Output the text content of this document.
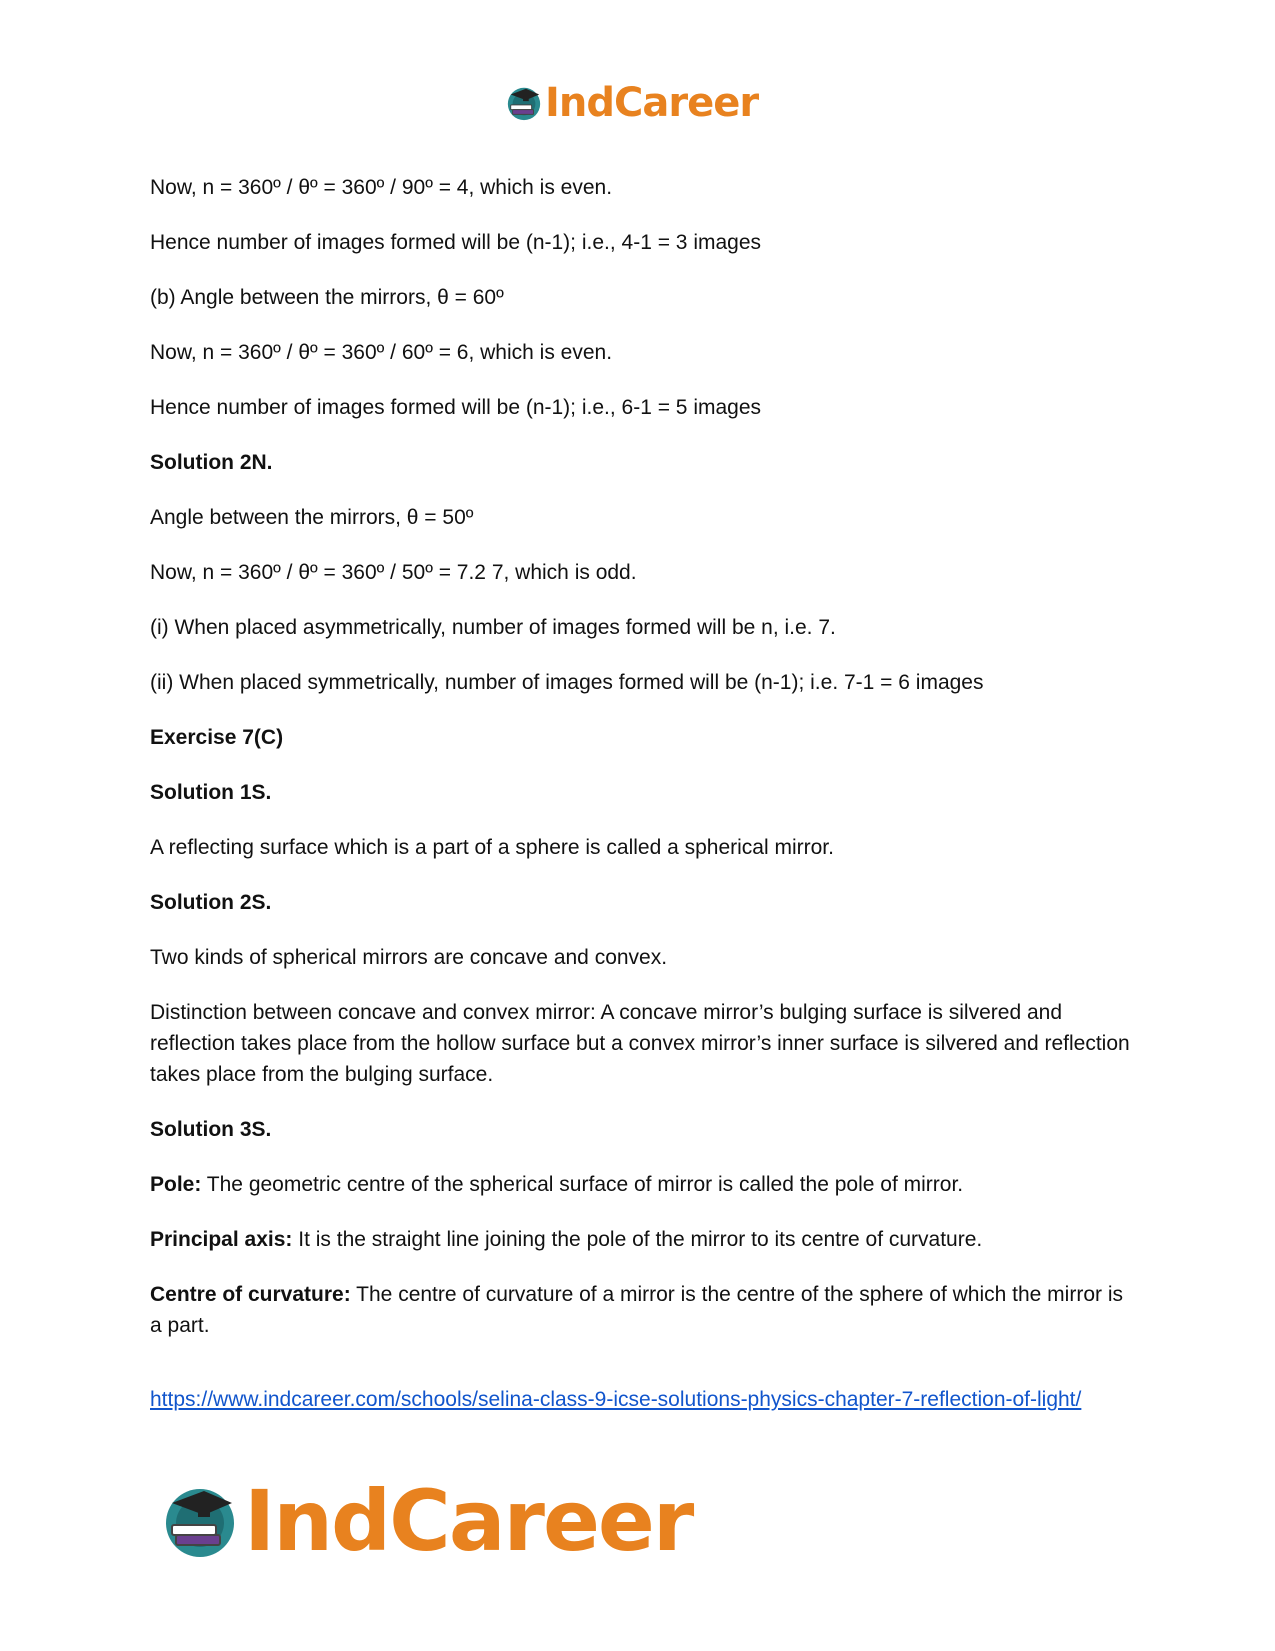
IndCareer

Now, n = 360º / θº = 360º / 90º = 4, which is even.

Hence number of images formed will be (n-1); i.e., 4-1 = 3 images

(b) Angle between the mirrors, θ = 60º

Now, n = 360º / θº = 360º / 60º = 6, which is even.

Hence number of images formed will be (n-1); i.e., 6-1 = 5 images

Solution 2N.

Angle between the mirrors, θ = 50º

Now, n = 360º / θº = 360º / 50º = 7.2 7, which is odd.

(i) When placed asymmetrically, number of images formed will be n, i.e. 7.

(ii) When placed symmetrically, number of images formed will be (n-1); i.e. 7-1 = 6 images

Exercise 7(C)

Solution 1S.

A reflecting surface which is a part of a sphere is called a spherical mirror.

Solution 2S.

Two kinds of spherical mirrors are concave and convex.

Distinction between concave and convex mirror: A concave mirror’s bulging surface is silvered and reflection takes place from the hollow surface but a convex mirror’s inner surface is silvered and reflection takes place from the bulging surface.

Solution 3S.

Pole: The geometric centre of the spherical surface of mirror is called the pole of mirror.

Principal axis: It is the straight line joining the pole of the mirror to its centre of curvature.

Centre of curvature: The centre of curvature of a mirror is the centre of the sphere of which the mirror is a part.

https://www.indcareer.com/schools/selina-class-9-icse-solutions-physics-chapter-7-reflection-of-light/
IndCareer
